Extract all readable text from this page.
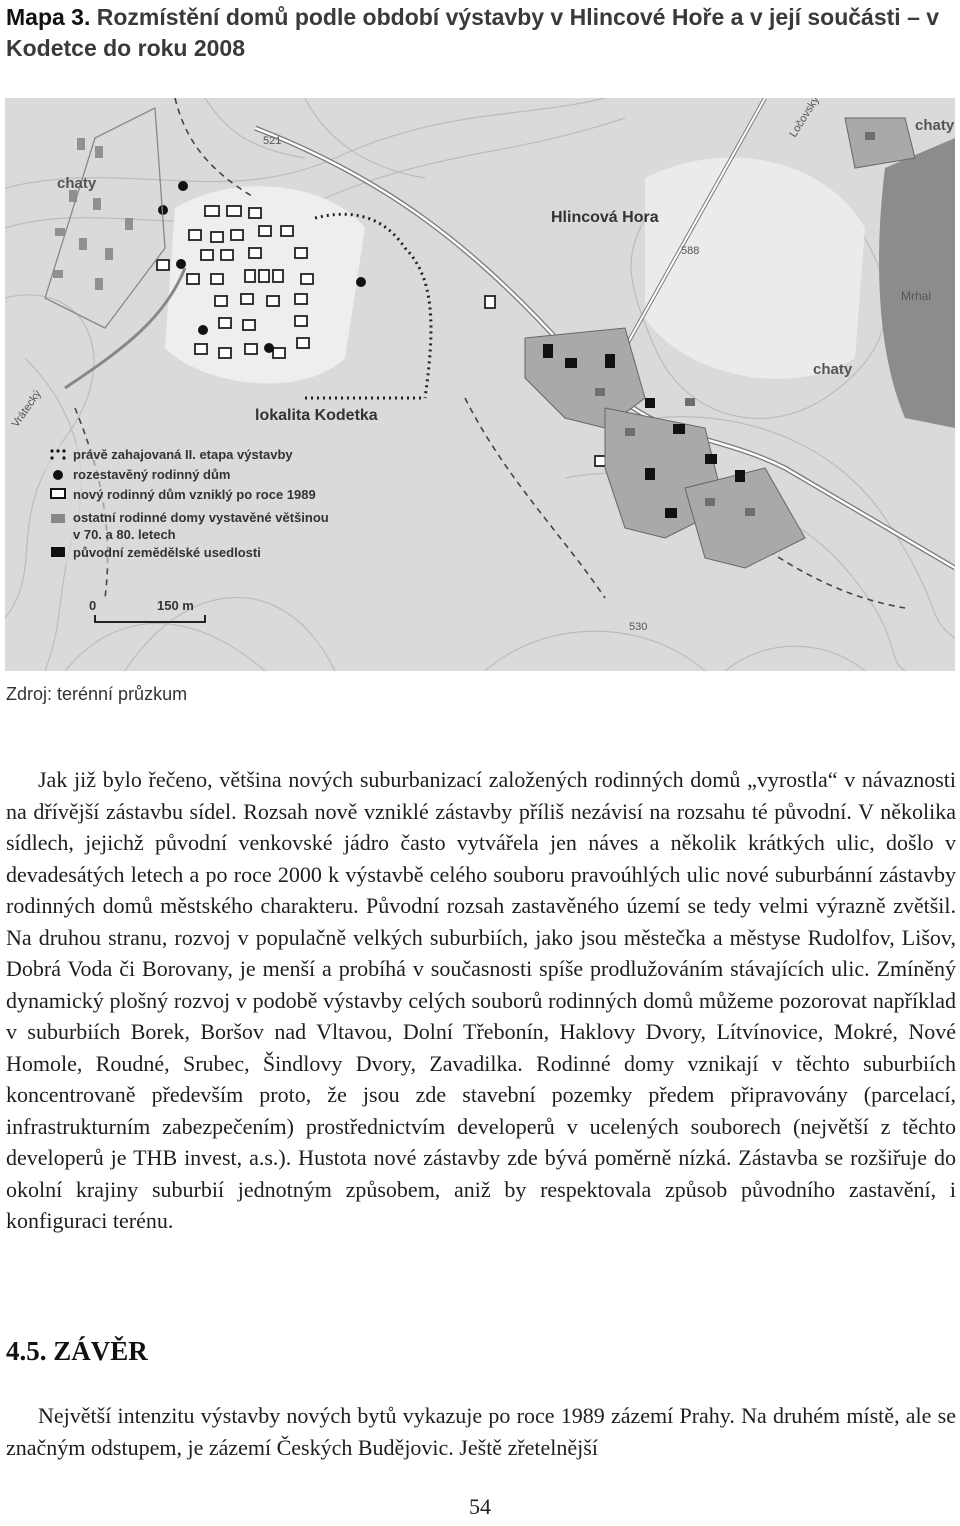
Mapa 3. Rozmístění domů podle období výstavby v Hlincové Hoře a v její součásti – v Kodetce do roku 2008
chaty
chaty
chaty
Hlincová Hora
lokalita Kodetka
Mrhal
Vrátecký
521
588
530
právě zahajovaná II. etapa výstavby
rozestavěný rodinný dům
nový rodinný dům vzniklý po roce 1989
ostatní rodinné domy vystavěné většinou
v 70. a 80. letech
původní zemědělské usedlosti
0	150 m
Zdroj: terénní průzkum

Jak již bylo řečeno, většina nových suburbanizací založených rodinných domů „vyrostla“ v návaznosti na dřívější zástavbu sídel. Rozsah nově vzniklé zástavby příliš nezávisí na rozsahu té původní. V několika sídlech, jejichž původní venkovské jádro často vytvářela jen náves a několik krátkých ulic, došlo v devadesátých letech a po roce 2000 k výstavbě celého souboru pravoúhlých ulic nové suburbánní zástavby rodinných domů městského charakteru. Původní rozsah zastavěného území se tedy velmi výrazně zvětšil. Na druhou stranu, rozvoj v populačně velkých suburbiích, jako jsou městečka a městyse Rudolfov, Lišov, Dobrá Voda či Borovany, je menší a probíhá v současnosti spíše prodlužováním stávajících ulic. Zmíněný dynamický plošný rozvoj v podobě výstavby celých souborů rodinných domů můžeme pozorovat například v suburbiích Borek, Boršov nad Vltavou, Dolní Třebonín, Haklovy Dvory, Lítvínovice, Mokré, Nové Homole, Roudné, Srubec, Šindlovy Dvory, Zavadilka. Rodinné domy vznikají v těchto suburbiích koncentrovaně především proto, že jsou zde stavební pozemky předem připravovány (parcelací, infrastrukturním zabezpečením) prostřednictvím developerů v ucelených souborech (největší z těchto developerů je THB invest, a.s.). Hustota nové zástavby zde bývá poměrně nízká. Zástavba se rozšiřuje do okolní krajiny suburbií jednotným způsobem, aniž by respektovala způsob původního zastavění, i konfiguraci terénu.

4.5. ZÁVĚR

Největší intenzitu výstavby nových bytů vykazuje po roce 1989 zázemí Prahy. Na druhém místě, ale se značným odstupem, je zázemí Českých Budějovic. Ještě zřetelnější

54
